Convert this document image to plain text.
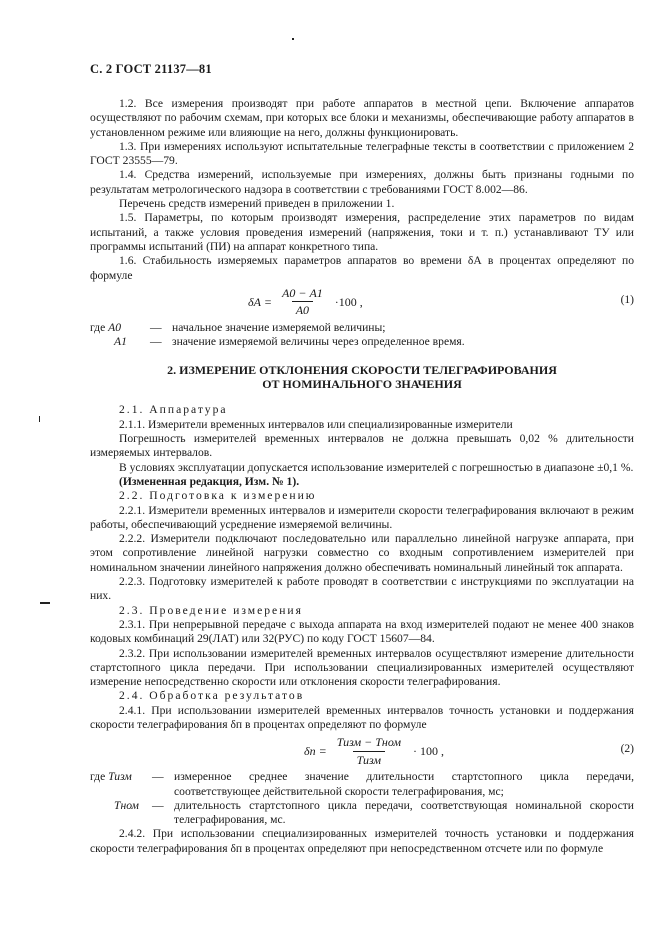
С. 2 ГОСТ 21137—81

1.2. Все измерения производят при работе аппаратов в местной цепи. Включение аппаратов осуществляют по рабочим схемам, при которых все блоки и механизмы, обеспечивающие работу аппаратов в установленном режиме или влияющие на него, должны функционировать.

1.3. При измерениях используют испытательные телеграфные тексты в соответствии с приложением 2 ГОСТ 23555—79.

1.4. Средства измерений, используемые при измерениях, должны быть признаны годными по результатам метрологического надзора в соответствии с требованиями ГОСТ 8.002—86.

Перечень средств измерений приведен в приложении 1.

1.5. Параметры, по которым производят измерения, распределение этих параметров по видам испытаний, а также условия проведения измерений (напряжения, токи и т. п.) устанавливают ТУ или программы испытаний (ПИ) на аппарат конкретного типа.

1.6. Стабильность измеряемых параметров аппаратов во времени δА в процентах определяют по формуле

$\delta А = \frac{А0 - А1}{А0} \cdot 100$ ,	(1)
где А0	— начальное значение измеряемой величины;
А1	— значение измеряемой величины через определенное время.
2. ИЗМЕРЕНИЕ ОТКЛОНЕНИЯ СКОРОСТИ ТЕЛЕГРАФИРОВАНИЯ
ОТ НОМИНАЛЬНОГО ЗНАЧЕНИЯ

2.1. Аппаратура

2.1.1. Измерители временных интервалов или специализированные измерители

Погрешность измерителей временных интервалов не должна превышать 0,02 % длительности измеряемых интервалов.

В условиях эксплуатации допускается использование измерителей с погрешностью в диапазоне ±0,1 %.

(Измененная редакция, Изм. № 1).

2.2. Подготовка к измерению

2.2.1. Измерители временных интервалов и измерители скорости телеграфирования включают в режим работы, обеспечивающий усреднение измеряемой величины.

2.2.2. Измерители подключают последовательно или параллельно линейной нагрузке аппарата, при этом сопротивление линейной нагрузки совместно со входным сопротивлением измерителей при номинальном значении линейного напряжения должно обеспечивать номинальный линейный ток аппарата.

2.2.3. Подготовку измерителей к работе проводят в соответствии с инструкциями по эксплуатации на них.

2.3. Проведение измерения

2.3.1. При непрерывной передаче с выхода аппарата на вход измерителей подают не менее 400 знаков кодовых комбинаций 29(ЛАТ) или 32(РУС) по коду ГОСТ 15607—84.

2.3.2. При использовании измерителей временных интервалов осуществляют измерение длительности стартстопного цикла передачи. При использовании специализированных измерителей осуществляют измерение непосредственно скорости или отклонения скорости телеграфирования.

2.4. Обработка результатов

2.4.1. При использовании измерителей временных интервалов точность установки и поддержания скорости телеграфирования δп в процентах определяют по формуле

$\delta п = \frac{\text{Тизм − Тном}}{\text{Тизм}} \cdot 100$ ,	(2)
где Тизм	— измеренное среднее значение длительности стартстопного цикла передачи, соответствующее действительной скорости телеграфирования, мс;
Тном	— длительность стартстопного цикла передачи, соответствующая номинальной скорости телеграфирования, мс.

2.4.2. При использовании специализированных измерителей точность установки и поддержания скорости телеграфирования δп в процентах определяют при непосредственном отсчете или по формуле
